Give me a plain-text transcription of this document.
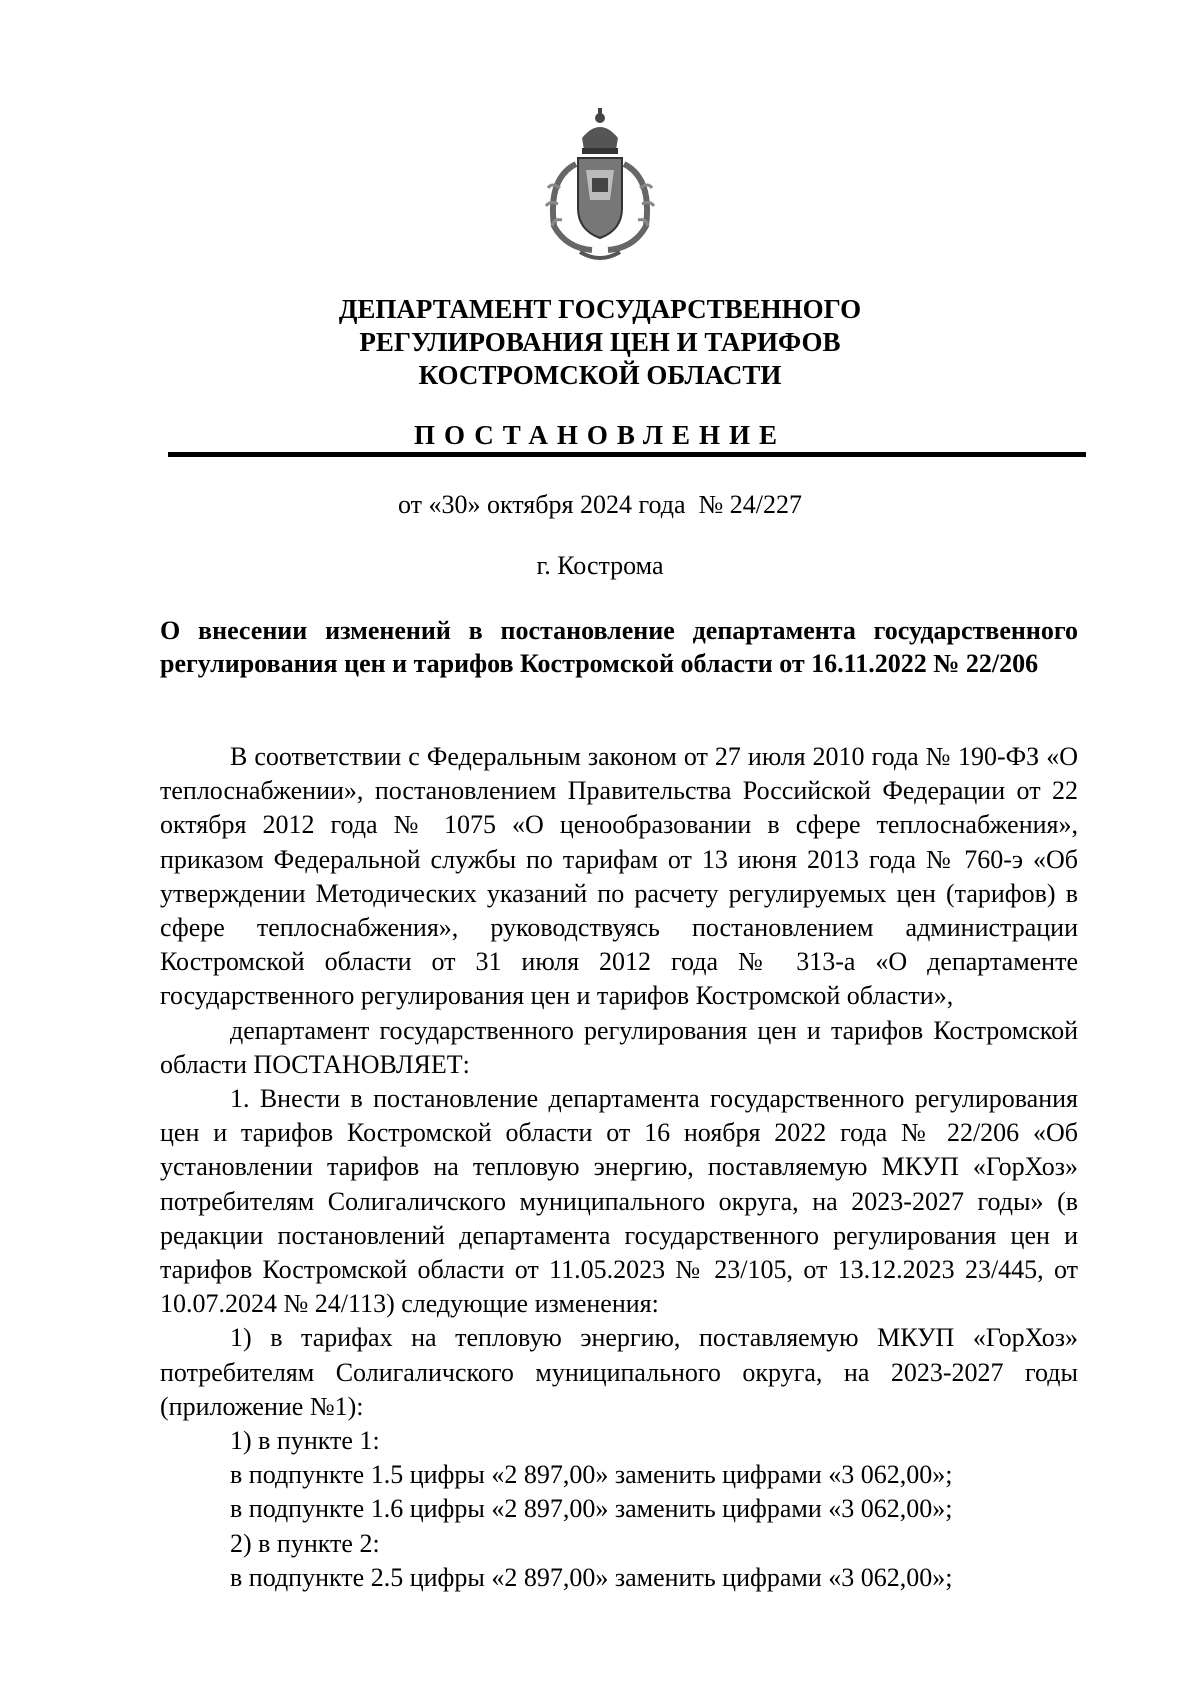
ДЕПАРТАМЕНТ ГОСУДАРСТВЕННОГО
РЕГУЛИРОВАНИЯ ЦЕН И ТАРИФОВ
КОСТРОМСКОЙ ОБЛАСТИ
ПОСТАНОВЛЕНИЕ
от «30» октября 2024 года  № 24/227
г. Кострома
О внесении изменений в постановление департамента государственного регулирования цен и тарифов Костромской области от 16.11.2022 № 22/206

В соответствии с Федеральным законом от 27 июля 2010 года № 190-ФЗ «О теплоснабжении», постановлением Правительства Российской Федерации от 22 октября 2012 года № 1075 «О ценообразовании в сфере теплоснабжения», приказом Федеральной службы по тарифам от 13 июня 2013 года № 760-э «Об утверждении Методических указаний по расчету регулируемых цен (тарифов) в сфере теплоснабжения», руководствуясь постановлением администрации Костромской области от 31 июля 2012 года № 313-а «О департаменте государственного регулирования цен и тарифов Костромской области»,

департамент государственного регулирования цен и тарифов Костромской области ПОСТАНОВЛЯЕТ:

1. Внести в постановление департамента государственного регулирования цен и тарифов Костромской области от 16 ноября 2022 года № 22/206 «Об установлении тарифов на тепловую энергию, поставляемую МКУП «ГорХоз» потребителям Солигаличского муниципального округа, на 2023-2027 годы» (в редакции постановлений департамента государственного регулирования цен и тарифов Костромской области от 11.05.2023 № 23/105, от 13.12.2023 23/445, от 10.07.2024 № 24/113) следующие изменения:

1) в тарифах на тепловую энергию, поставляемую МКУП «ГорХоз» потребителям Солигаличского муниципального округа, на 2023-2027 годы (приложение №1):

1) в пункте 1:

в подпункте 1.5 цифры «2 897,00» заменить цифрами «3 062,00»;

в подпункте 1.6 цифры «2 897,00» заменить цифрами «3 062,00»;

2) в пункте 2:

в подпункте 2.5 цифры «2 897,00» заменить цифрами «3 062,00»;
